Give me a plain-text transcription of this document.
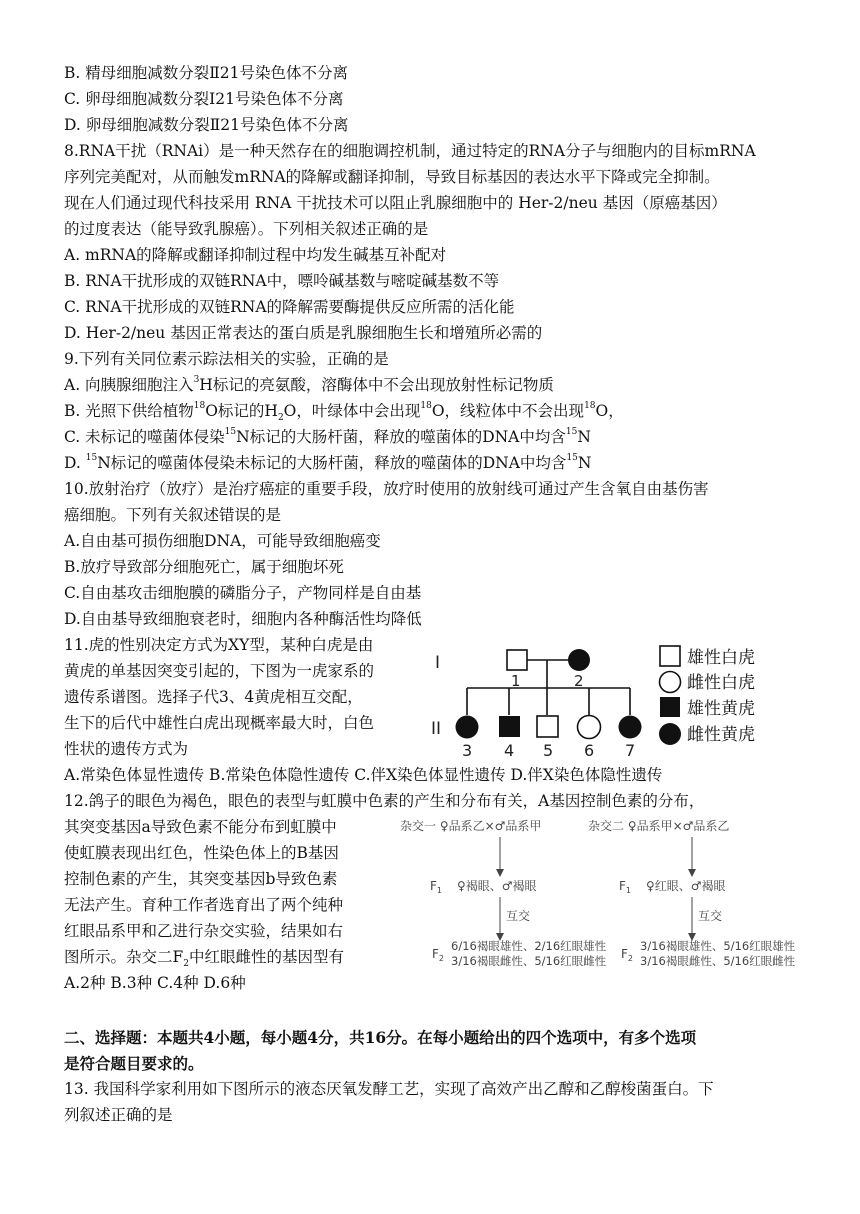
B. 精母细胞减数分裂Ⅱ21号染色体不分离
C. 卵母细胞减数分裂Ⅰ21号染色体不分离
D. 卵母细胞减数分裂Ⅱ21号染色体不分离
8.RNA干扰（RNAi）是一种天然存在的细胞调控机制，通过特定的RNA分子与细胞内的目标mRNA
序列完美配对，从而触发mRNA的降解或翻译抑制，导致目标基因的表达水平下降或完全抑制。
现在人们通过现代科技采用 RNA 干扰技术可以阻止乳腺细胞中的 Her-2/neu 基因（原癌基因）
的过度表达（能导致乳腺癌）。下列相关叙述正确的是
A. mRNA的降解或翻译抑制过程中均发生碱基互补配对
B. RNA干扰形成的双链RNA中，嘌呤碱基数与嘧啶碱基数不等
C. RNA干扰形成的双链RNA的降解需要酶提供反应所需的活化能
D. Her-2/neu 基因正常表达的蛋白质是乳腺细胞生长和增殖所必需的
9.下列有关同位素示踪法相关的实验，正确的是
A. 向胰腺细胞注入$^3$H标记的亮氨酸，溶酶体中不会出现放射性标记物质
B. 光照下供给植物$^{18}$O标记的$H_2O$，叶绿体中会出现$^{18}$O，线粒体中不会出现$^{18}$O，
C. 未标记的噬菌体侵染$^{15}$N标记的大肠杆菌，释放的噬菌体的DNA中均含$^{15}$N
D. $^{15}$N标记的噬菌体侵染未标记的大肠杆菌，释放的噬菌体的DNA中均含$^{15}$N
10.放射治疗（放疗）是治疗癌症的重要手段，放疗时使用的放射线可通过产生含氧自由基伤害
癌细胞。下列有关叙述错误的是
A.自由基可损伤细胞DNA，可能导致细胞癌变
B.放疗导致部分细胞死亡，属于细胞坏死
C.自由基攻击细胞膜的磷脂分子，产物同样是自由基
D.自由基导致细胞衰老时，细胞内各种酶活性均降低
11.虎的性别决定方式为XY型，某种白虎是由
黄虎的单基因突变引起的，下图为一虎家系的
遗传系谱图。选择子代3、4黄虎相互交配，
生下的后代中雄性白虎出现概率最大时，白色
性状的遗传方式为
A.常染色体显性遗传 B.常染色体隐性遗传 C.伴X染色体显性遗传 D.伴X染色体隐性遗传
I
II
1	2
3 4 5 6 7
雄性白虎
雌性白虎
雄性黄虎
雌性黄虎
12.鸽子的眼色为褐色，眼色的表型与虹膜中色素的产生和分布有关，A基因控制色素的分布，
其突变基因a导致色素不能分布到虹膜中
使虹膜表现出红色，性染色体上的B基因
控制色素的产生，其突变基因b导致色素
无法产生。育种工作者选育出了两个纯种
红眼品系甲和乙进行杂交实验，结果如右
图所示。杂交二$F_2$中红眼雌性的基因型有
A.2种 B.3种 C.4种 D.6种
杂交一 ♀品系乙×♂品系甲	杂交二 ♀品系甲×♂品系乙
$F_1$ ♀褐眼、♂褐眼	$F_1$ ♀红眼、♂褐眼
互交	互交
$F_2$
6/16褐眼雄性、2/16红眼雄性
3/16褐眼雌性、5/16红眼雌性 $F_2$
3/16褐眼雄性、5/16红眼雄性
3/16褐眼雌性、5/16红眼雌性
二、选择题：本题共4小题，每小题4分，共16分。在每小题给出的四个选项中，有多个选项
是符合题目要求的。
13. 我国科学家利用如下图所示的液态厌氧发酵工艺，实现了高效产出乙醇和乙醇梭菌蛋白。下
列叙述正确的是
